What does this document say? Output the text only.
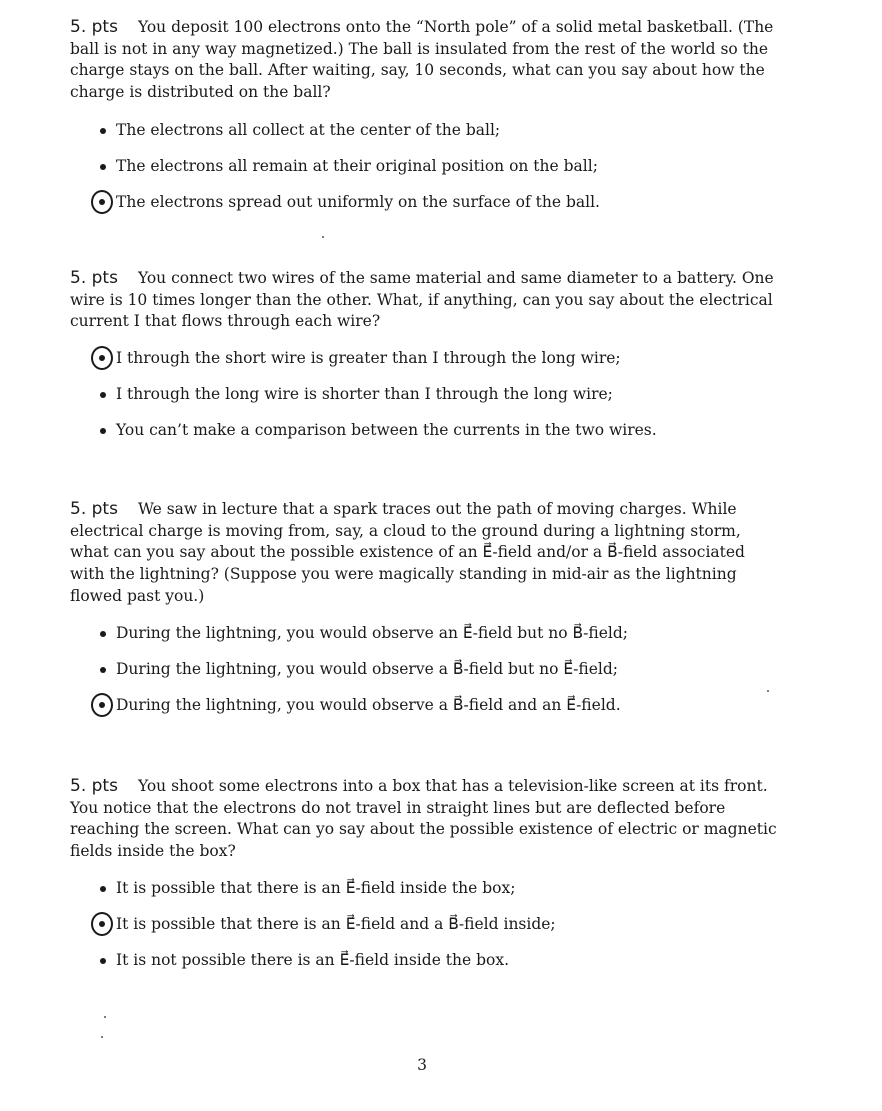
5. pts You deposit 100 electrons onto the “North pole” of a solid metal basketball. (The ball is not in any way magnetized.) The ball is insulated from the rest of the world so the charge stays on the ball. After waiting, say, 10 seconds, what can you say about how the charge is distributed on the ball?

The electrons all collect at the center of the ball;
The electrons all remain at their original position on the ball;
The electrons spread out uniformly on the surface of the ball.

5. pts You connect two wires of the same material and same diameter to a battery. One wire is 10 times longer than the other. What, if anything, can you say about the electrical current I that flows through each wire?

I through the short wire is greater than I through the long wire;
I through the long wire is shorter than I through the long wire;
You can’t make a comparison between the currents in the two wires.

5. pts We saw in lecture that a spark traces out the path of moving charges. While electrical charge is moving from, say, a cloud to the ground during a lightning storm, what can you say about the possible existence of an E⃗-field and/or a B⃗-field associated with the lightning? (Suppose you were magically standing in mid-air as the lightning flowed past you.)

During the lightning, you would observe an E⃗-field but no B⃗-field;
During the lightning, you would observe a B⃗-field but no E⃗-field;
During the lightning, you would observe a B⃗-field and an E⃗-field.

5. pts You shoot some electrons into a box that has a television-like screen at its front. You notice that the electrons do not travel in straight lines but are deflected before reaching the screen. What can yo say about the possible existence of electric or magnetic fields inside the box?

It is possible that there is an E⃗-field inside the box;
It is possible that there is an E⃗-field and a B⃗-field inside;
It is not possible there is an E⃗-field inside the box.
3
